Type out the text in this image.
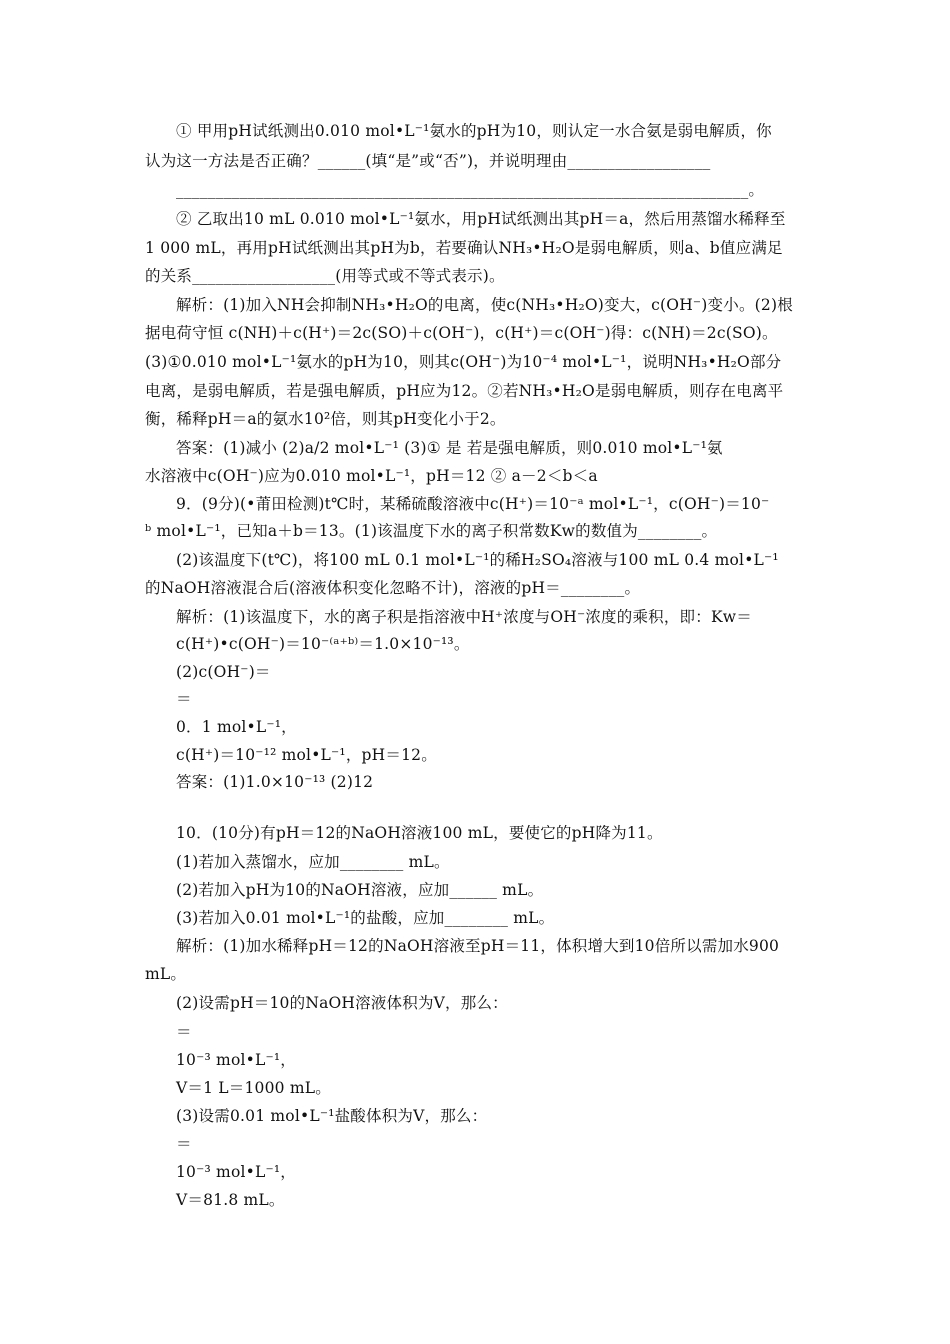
① 甲用pH试纸测出0.010 mol•L⁻¹氨水的pH为10，则认定一水合氨是弱电解质，你
认为这一方法是否正确？______(填“是”或“否”)，并说明理由__________________
________________________________________________________________________。
② 乙取出10 mL 0.010 mol•L⁻¹氨水，用pH试纸测出其pH＝a，然后用蒸馏水稀释至
1 000 mL，再用pH试纸测出其pH为b，若要确认NH₃•H₂O是弱电解质，则a、b值应满足
的关系__________________(用等式或不等式表示)。
解析：(1)加入NH会抑制NH₃•H₂O的电离，使c(NH₃•H₂O)变大，c(OH⁻)变小。(2)根
据电荷守恒 c(NH)＋c(H⁺)＝2c(SO)＋c(OH⁻)，c(H⁺)＝c(OH⁻)得：c(NH)＝2c(SO)。
(3)①0.010 mol•L⁻¹氨水的pH为10，则其c(OH⁻)为10⁻⁴ mol•L⁻¹，说明NH₃•H₂O部分
电离，是弱电解质，若是强电解质，pH应为12。②若NH₃•H₂O是弱电解质，则存在电离平
衡，稀释pH＝a的氨水10²倍，则其pH变化小于2。
答案：(1)减小 (2)a/2 mol•L⁻¹ (3)① 是 若是强电解质，则0.010 mol•L⁻¹氨
水溶液中c(OH⁻)应为0.010 mol•L⁻¹，pH＝12 ② a－2＜b＜a
9．(9分)(•莆田检测)t℃时，某稀硫酸溶液中c(H⁺)＝10⁻ᵃ mol•L⁻¹，c(OH⁻)＝10⁻
ᵇ mol•L⁻¹，已知a＋b＝13。(1)该温度下水的离子积常数Kw的数值为________。
(2)该温度下(t℃)，将100 mL 0.1 mol•L⁻¹的稀H₂SO₄溶液与100 mL 0.4 mol•L⁻¹
的NaOH溶液混合后(溶液体积变化忽略不计)，溶液的pH＝________。
解析：(1)该温度下，水的离子积是指溶液中H⁺浓度与OH⁻浓度的乘积，即：Kw＝
c(H⁺)•c(OH⁻)＝10⁻⁽ᵃ⁺ᵇ⁾＝1.0×10⁻¹³。
(2)c(OH⁻)＝
＝
0．1 mol•L⁻¹，
c(H⁺)＝10⁻¹² mol•L⁻¹，pH＝12。
答案：(1)1.0×10⁻¹³ (2)12
10．(10分)有pH＝12的NaOH溶液100 mL，要使它的pH降为11。
(1)若加入蒸馏水，应加________ mL。
(2)若加入pH为10的NaOH溶液，应加______ mL。
(3)若加入0.01 mol•L⁻¹的盐酸，应加________ mL。
解析：(1)加水稀释pH＝12的NaOH溶液至pH＝11，体积增大到10倍所以需加水900
mL。
(2)设需pH＝10的NaOH溶液体积为V，那么：
＝
10⁻³ mol•L⁻¹，
V＝1 L＝1000 mL。
(3)设需0.01 mol•L⁻¹盐酸体积为V，那么：
＝
10⁻³ mol•L⁻¹，
V＝81.8 mL。
